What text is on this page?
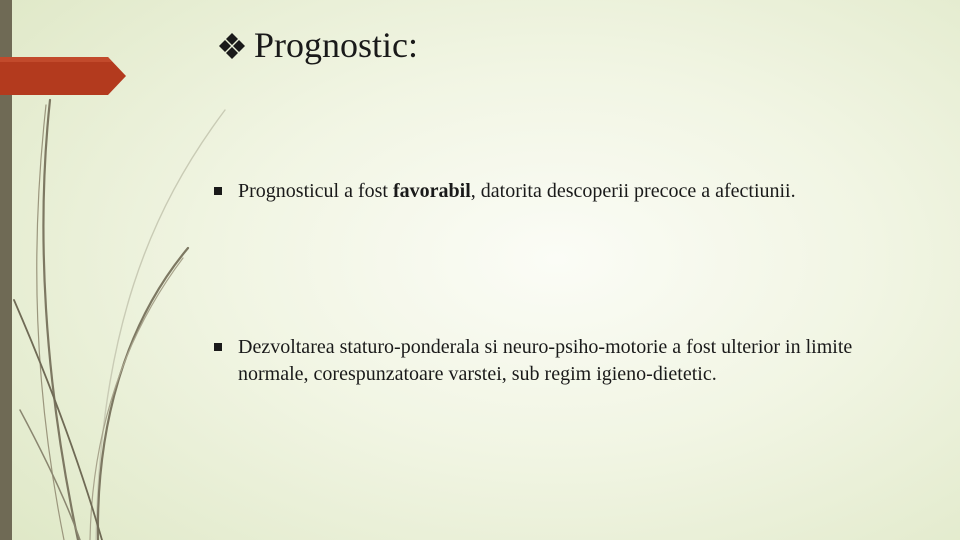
Prognostic:
Prognosticul a fost favorabil, datorita descoperii precoce a afectiunii.
Dezvoltarea staturo-ponderala si neuro-psiho-motorie a fost ulterior in limite normale, corespunzatoare varstei, sub regim igieno-dietetic.
